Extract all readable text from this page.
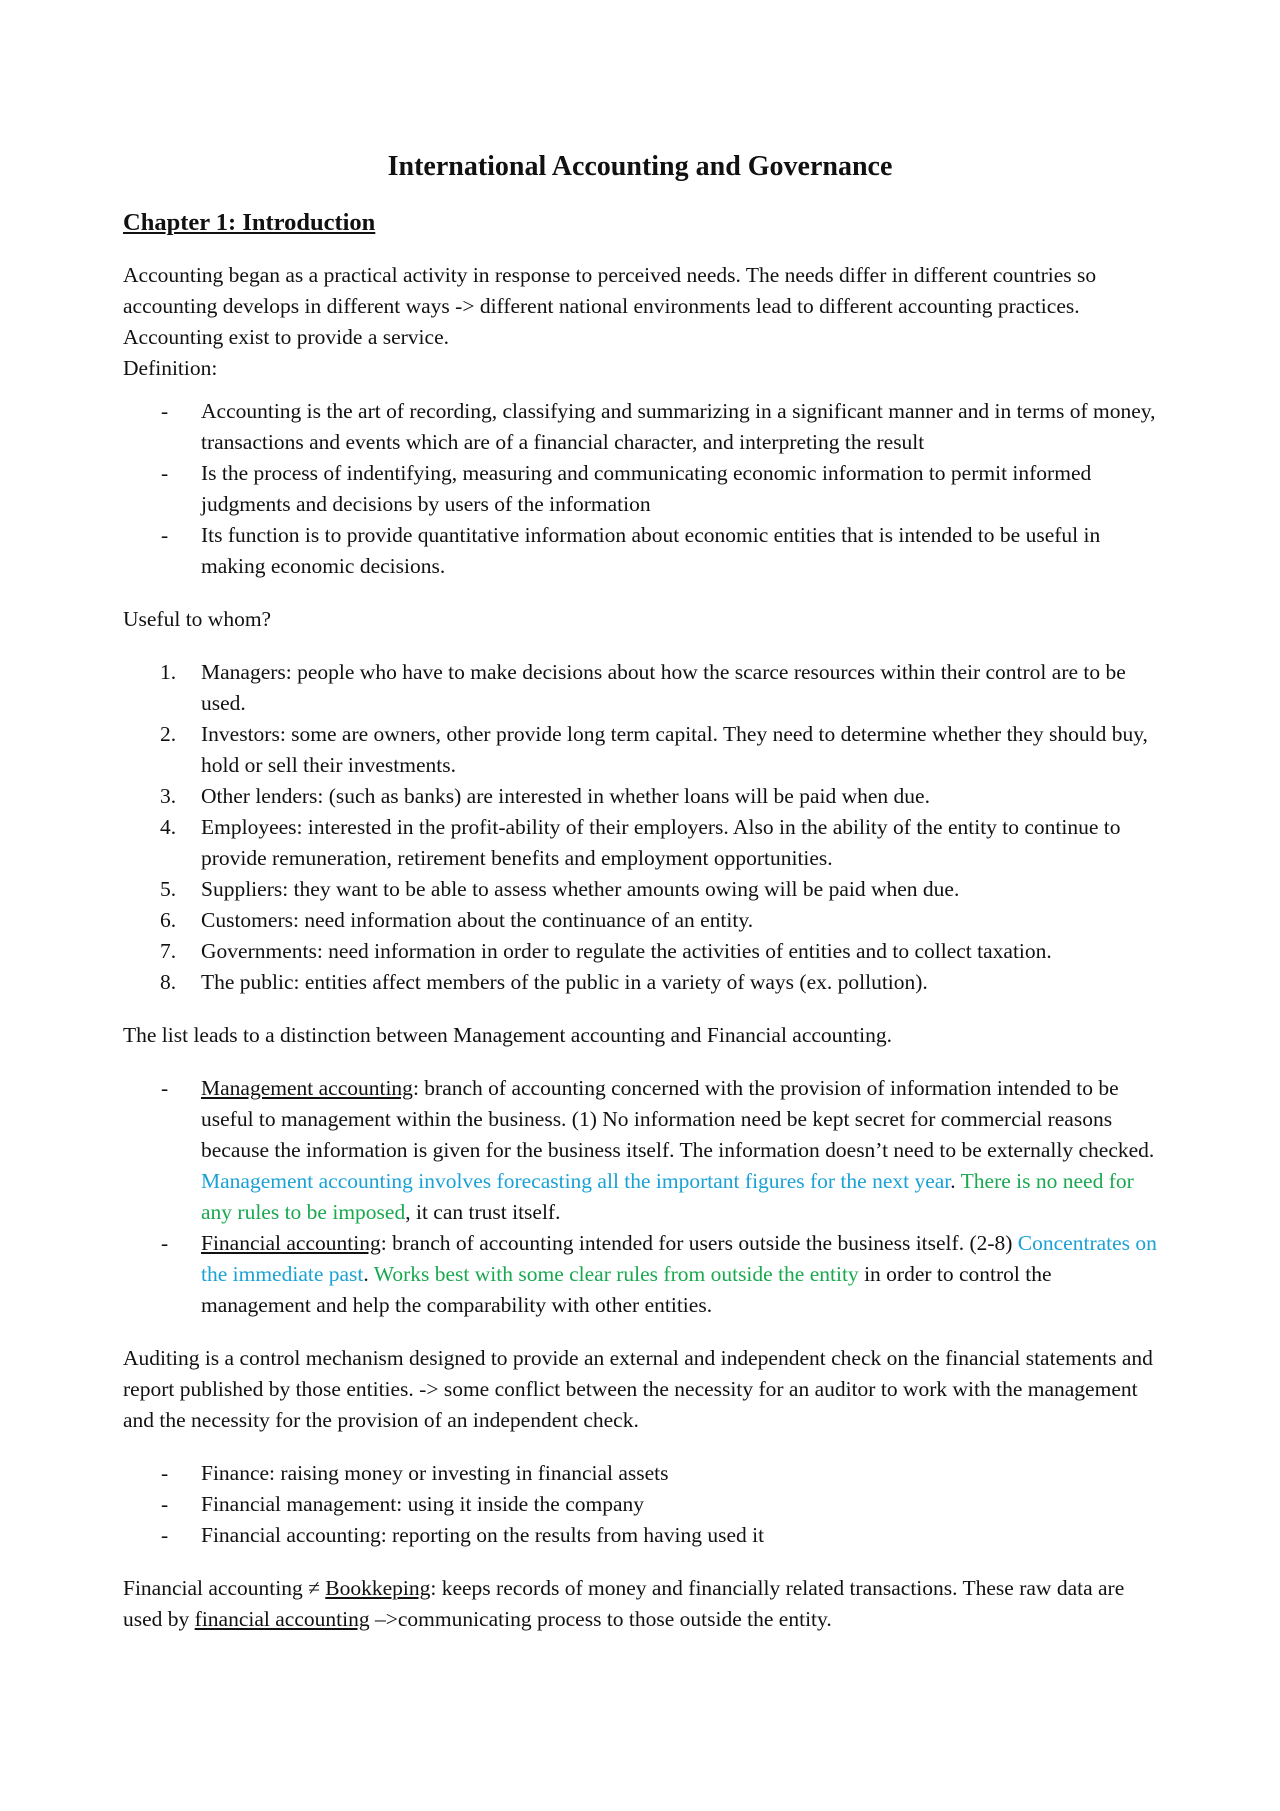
International Accounting and Governance
Chapter 1: Introduction

Accounting began as a practical activity in response to perceived needs. The needs differ in different countries so accounting develops in different ways -> different national environments lead to different accounting practices. Accounting exist to provide a service.
Definition:

- Accounting is the art of recording, classifying and summarizing in a significant manner and in terms of money, transactions and events which are of a financial character, and interpreting the result
- Is the process of indentifying, measuring and communicating economic information to permit informed judgments and decisions by users of the information
- Its function is to provide quantitative information about economic entities that is intended to be useful in making economic decisions.

Useful to whom?

1. Managers: people who have to make decisions about how the scarce resources within their control are to be used.
2. Investors: some are owners, other provide long term capital. They need to determine whether they should buy, hold or sell their investments.
3. Other lenders: (such as banks) are interested in whether loans will be paid when due.
4. Employees: interested in the profit-ability of their employers. Also in the ability of the entity to continue to provide remuneration, retirement benefits and employment opportunities.
5. Suppliers: they want to be able to assess whether amounts owing will be paid when due.
6. Customers: need information about the continuance of an entity.
7. Governments: need information in order to regulate the activities of entities and to collect taxation.
8. The public: entities affect members of the public in a variety of ways (ex. pollution).

The list leads to a distinction between Management accounting and Financial accounting.

- Management accounting: branch of accounting concerned with the provision of information intended to be useful to management within the business. (1) No information need be kept secret for commercial reasons because the information is given for the business itself. The information doesn’t need to be externally checked. Management accounting involves forecasting all the important figures for the next year. There is no need for any rules to be imposed, it can trust itself.
- Financial accounting: branch of accounting intended for users outside the business itself. (2-8) Concentrates on the immediate past. Works best with some clear rules from outside the entity in order to control the management and help the comparability with other entities.

Auditing is a control mechanism designed to provide an external and independent check on the financial statements and report published by those entities. -> some conflict between the necessity for an auditor to work with the management and the necessity for the provision of an independent check.

- Finance: raising money or investing in financial assets
- Financial management: using it inside the company
- Financial accounting: reporting on the results from having used it

Financial accounting ≠ Bookkeping: keeps records of money and financially related transactions. These raw data are used by financial accounting –>communicating process to those outside the entity.
